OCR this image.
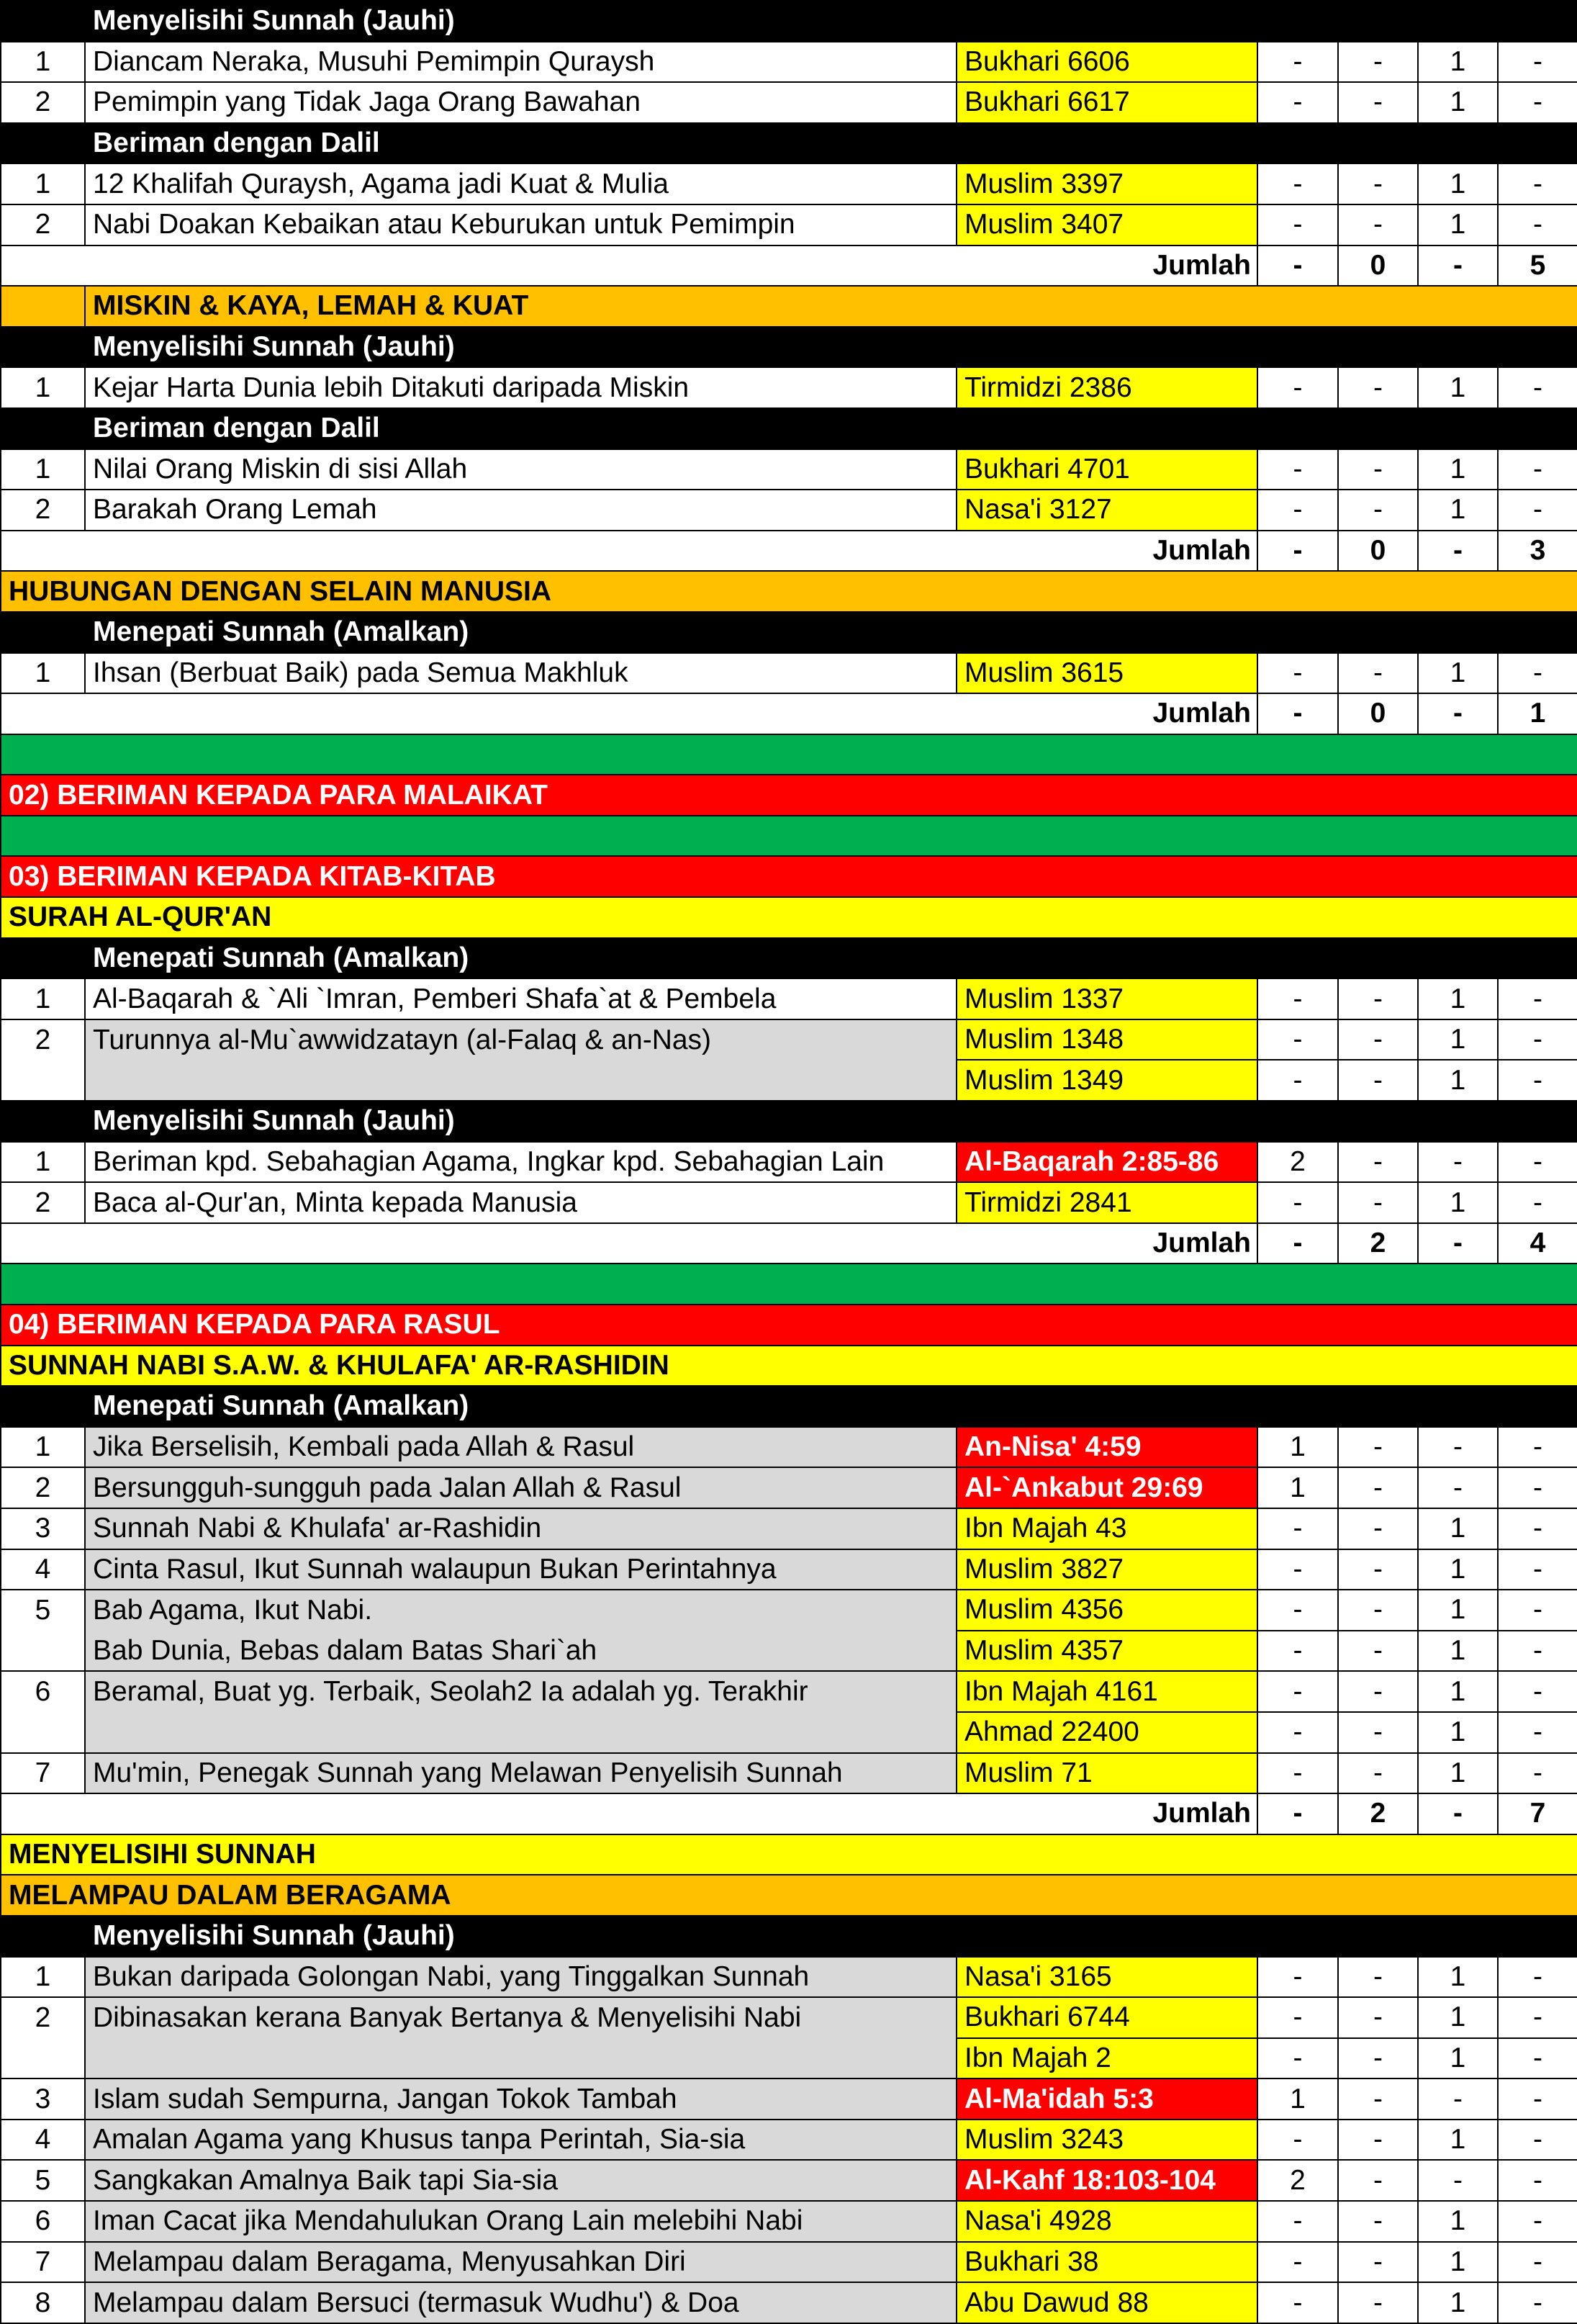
	Menyelisihi Sunnah (Jauhi)					
1	Diancam Neraka, Musuhi Pemimpin Quraysh	Bukhari 6606	-	-	1	-
2	Pemimpin yang Tidak Jaga Orang Bawahan	Bukhari 6617	-	-	1	-
	Beriman dengan Dalil					
1	12 Khalifah Quraysh, Agama jadi Kuat & Mulia	Muslim 3397	-	-	1	-
2	Nabi Doakan Kebaikan atau Keburukan untuk Pemimpin	Muslim 3407	-	-	1	-
Jumlah			-	0	-	5
	MISKIN & KAYA, LEMAH & KUAT					
	Menyelisihi Sunnah (Jauhi)					
1	Kejar Harta Dunia lebih Ditakuti daripada Miskin	Tirmidzi 2386	-	-	1	-
	Beriman dengan Dalil					
1	Nilai Orang Miskin di sisi Allah	Bukhari 4701	-	-	1	-
2	Barakah Orang Lemah	Nasa'i 3127	-	-	1	-
Jumlah			-	0	-	3
HUBUNGAN DENGAN SELAIN MANUSIA						
	Menepati Sunnah (Amalkan)					
1	Ihsan (Berbuat Baik) pada Semua Makhluk	Muslim 3615	-	-	1	-
Jumlah			-	0	-	1

02) BERIMAN KEPADA PARA MALAIKAT						

03) BERIMAN KEPADA KITAB-KITAB						
SURAH AL-QUR'AN						
	Menepati Sunnah (Amalkan)					
1	Al-Baqarah & `Ali `Imran, Pemberi Shafa`at & Pembela	Muslim 1337	-	-	1	-
2	Turunnya al-Mu`awwidzatayn (al-Falaq & an-Nas)	Muslim 1348	-	-	1	-
		Muslim 1349	-	-	1	-
	Menyelisihi Sunnah (Jauhi)					
1	Beriman kpd. Sebahagian Agama, Ingkar kpd. Sebahagian Lain	Al-Baqarah 2:85-86	2	-	-	-
2	Baca al-Qur'an, Minta kepada Manusia	Tirmidzi 2841	-	-	1	-
Jumlah			-	2	-	4

04) BERIMAN KEPADA PARA RASUL						
SUNNAH NABI S.A.W. & KHULAFA' AR-RASHIDIN						
	Menepati Sunnah (Amalkan)					
1	Jika Berselisih, Kembali pada Allah & Rasul	An-Nisa' 4:59	1	-	-	-
2	Bersungguh-sungguh pada Jalan Allah & Rasul	Al-`Ankabut 29:69	1	-	-	-
3	Sunnah Nabi & Khulafa' ar-Rashidin	Ibn Majah 43	-	-	1	-
4	Cinta Rasul, Ikut Sunnah walaupun Bukan Perintahnya	Muslim 3827	-	-	1	-
5	Bab Agama, Ikut Nabi.	Muslim 4356	-	-	1	-
	Bab Dunia, Bebas dalam Batas Shari`ah	Muslim 4357	-	-	1	-
6	Beramal, Buat yg. Terbaik, Seolah2 Ia adalah yg. Terakhir	Ibn Majah 4161	-	-	1	-
		Ahmad 22400	-	-	1	-
7	Mu'min, Penegak Sunnah yang Melawan Penyelisih Sunnah	Muslim 71	-	-	1	-
Jumlah			-	2	-	7
MENYELISIHI SUNNAH						
MELAMPAU DALAM BERAGAMA						
	Menyelisihi Sunnah (Jauhi)					
1	Bukan daripada Golongan Nabi, yang Tinggalkan Sunnah	Nasa'i 3165	-	-	1	-
2	Dibinasakan kerana Banyak Bertanya & Menyelisihi Nabi	Bukhari 6744	-	-	1	-
		Ibn Majah 2	-	-	1	-
3	Islam sudah Sempurna, Jangan Tokok Tambah	Al-Ma'idah 5:3	1	-	-	-
4	Amalan Agama yang Khusus tanpa Perintah, Sia-sia	Muslim 3243	-	-	1	-
5	Sangkakan Amalnya Baik tapi Sia-sia	Al-Kahf 18:103-104	2	-	-	-
6	Iman Cacat jika Mendahulukan Orang Lain melebihi Nabi	Nasa'i 4928	-	-	1	-
7	Melampau dalam Beragama, Menyusahkan Diri	Bukhari 38	-	-	1	-
8	Melampau dalam Bersuci (termasuk Wudhu') & Doa	Abu Dawud 88	-	-	1	-
